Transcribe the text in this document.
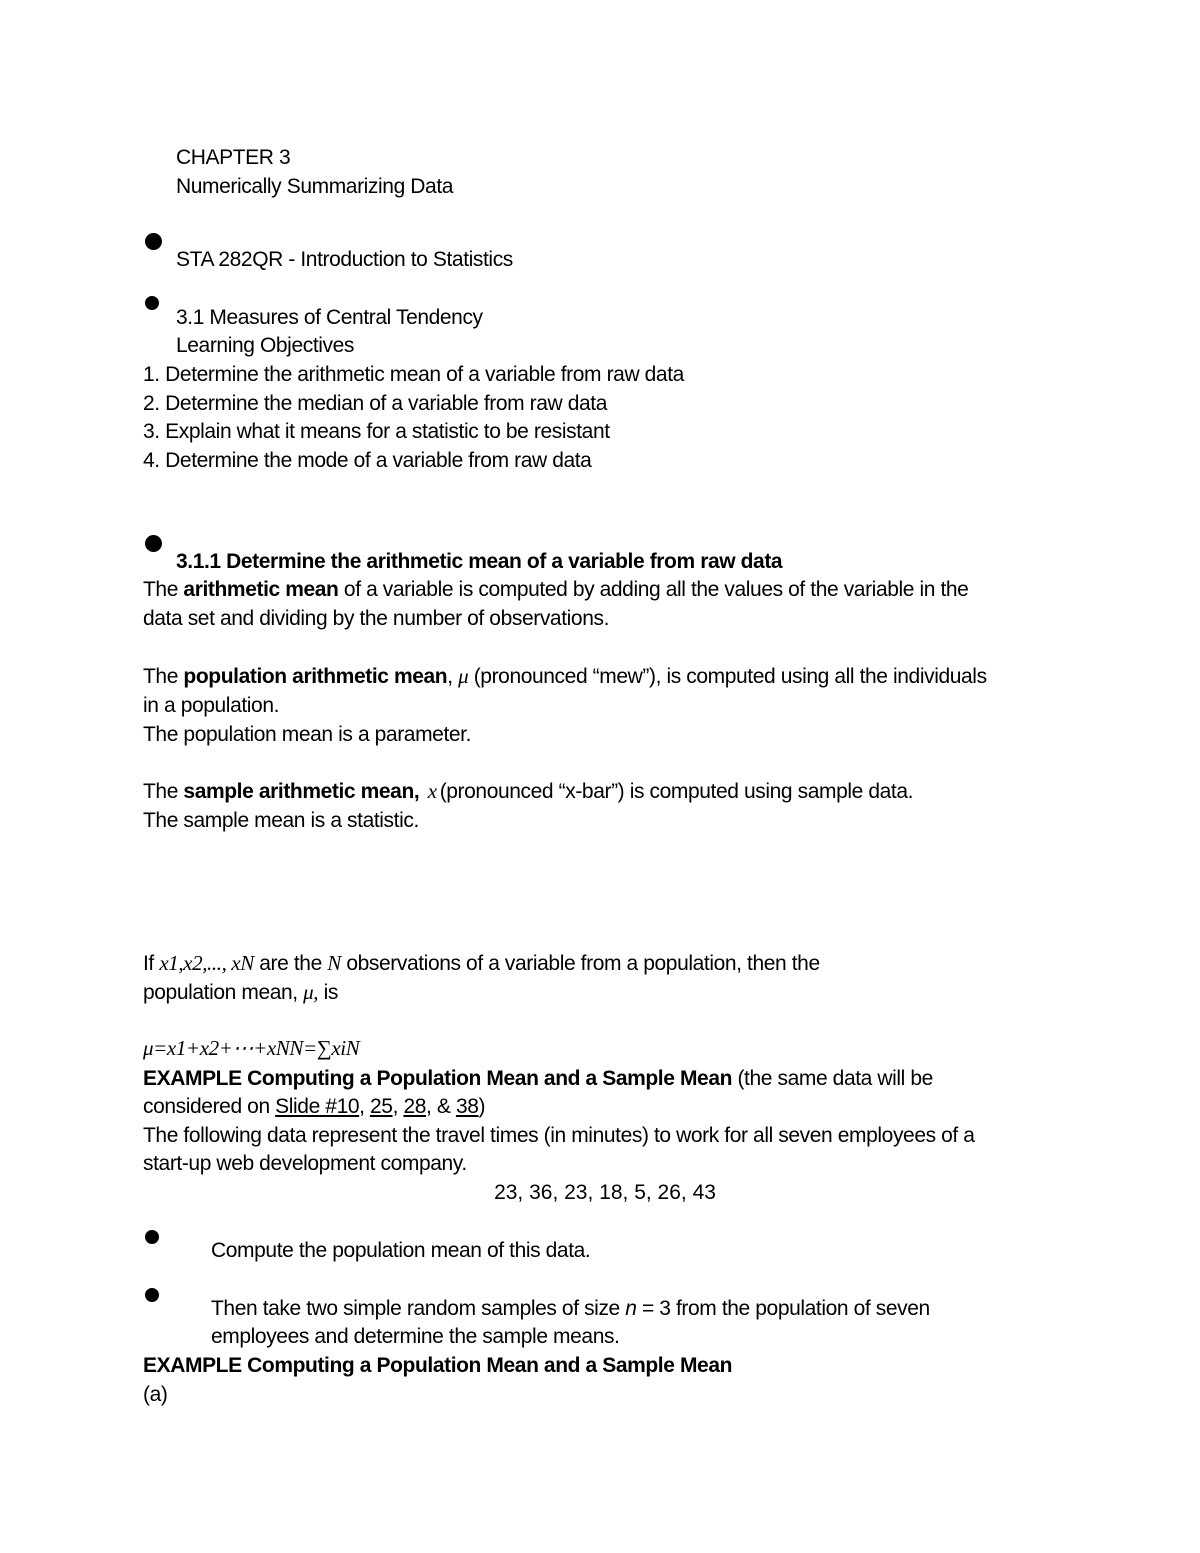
CHAPTER 3
Numerically Summarizing Data
STA 282QR - Introduction to Statistics
3.1 Measures of Central Tendency
Learning Objectives
1. Determine the arithmetic mean of a variable from raw data
2. Determine the median of a variable from raw data
3. Explain what it means for a statistic to be resistant
4. Determine the mode of a variable from raw data
3.1.1 Determine the arithmetic mean of a variable from raw data
The arithmetic mean of a variable is computed by adding all the values of the variable in the
data set and dividing by the number of observations.
The population arithmetic mean, μ (pronounced “mew”), is computed using all the individuals
in a population.
The population mean is a parameter.
The sample arithmetic mean, x (pronounced “x-bar”) is computed using sample data.
The sample mean is a statistic.
If x1,x2,..., xN are the N observations of a variable from a population, then the
population mean, μ, is
μ=x1+x2+⋯+xNN=∑xiN
EXAMPLE Computing a Population Mean and a Sample Mean (the same data will be
considered on Slide #10, 25, 28, & 38)
The following data represent the travel times (in minutes) to work for all seven employees of a
start-up web development company.
23, 36, 23, 18, 5, 26, 43
Compute the population mean of this data.
Then take two simple random samples of size n = 3 from the population of seven
employees and determine the sample means.
EXAMPLE Computing a Population Mean and a Sample Mean
(a)
